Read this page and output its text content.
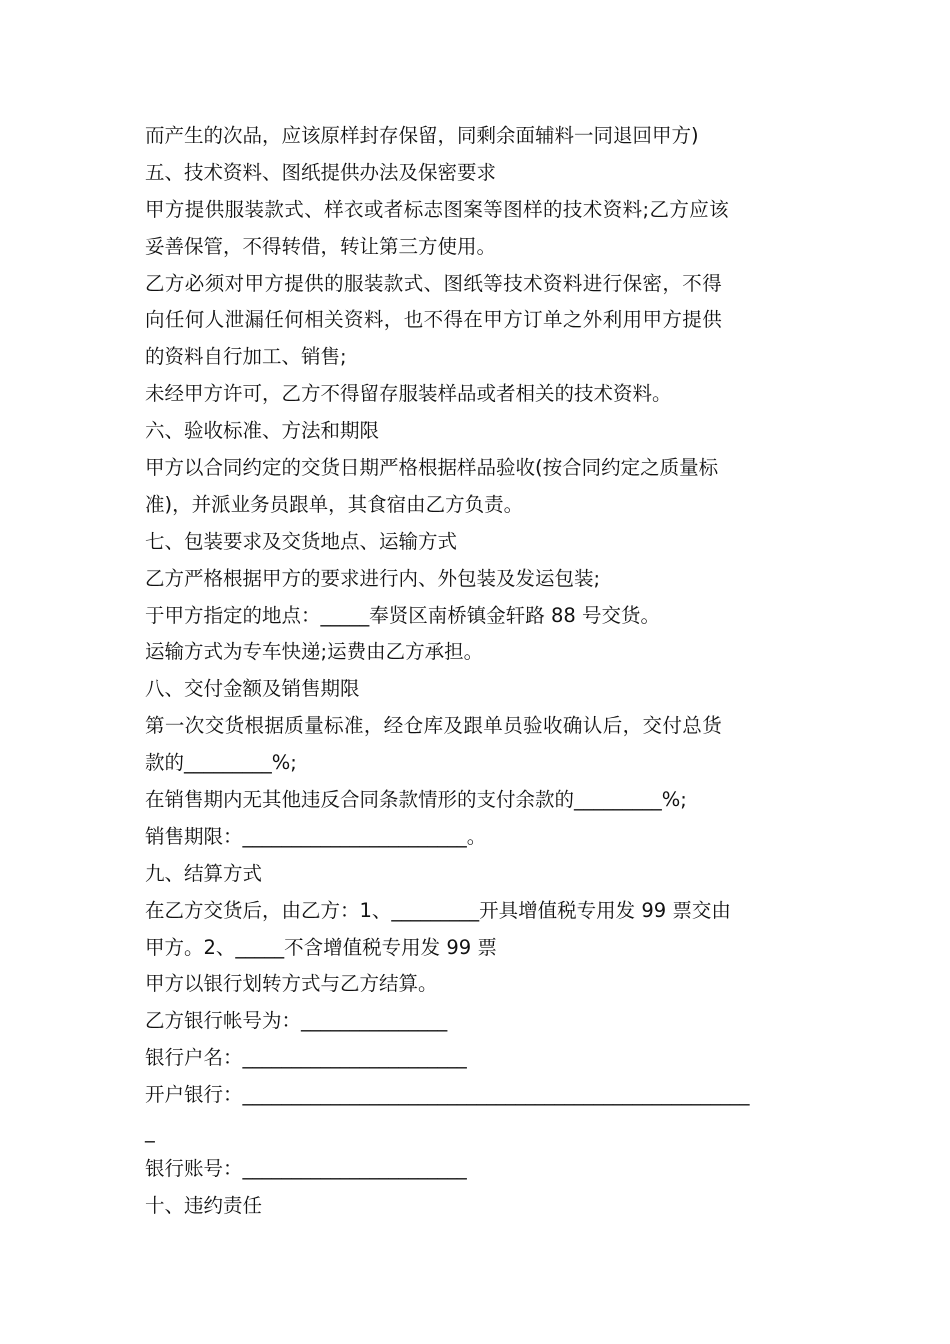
而产生的次品，应该原样封存保留，同剩余面辅料一同退回甲方)
五、技术资料、图纸提供办法及保密要求
甲方提供服装款式、样衣或者标志图案等图样的技术资料;乙方应该
妥善保管，不得转借，转让第三方使用。
乙方必须对甲方提供的服装款式、图纸等技术资料进行保密，不得
向任何人泄漏任何相关资料，也不得在甲方订单之外利用甲方提供
的资料自行加工、销售;
未经甲方许可，乙方不得留存服装样品或者相关的技术资料。
六、验收标准、方法和期限
甲方以合同约定的交货日期严格根据样品验收(按合同约定之质量标
准)，并派业务员跟单，其食宿由乙方负责。
七、包装要求及交货地点、运输方式
乙方严格根据甲方的要求进行内、外包装及发运包装;
于甲方指定的地点：_____奉贤区南桥镇金轩路 88 号交货。
运输方式为专车快递;运费由乙方承担。
八、交付金额及销售期限
第一次交货根据质量标准，经仓库及跟单员验收确认后，交付总货
款的_________%;
在销售期内无其他违反合同条款情形的支付余款的_________%;
销售期限：_______________________。
九、结算方式
在乙方交货后，由乙方：1、_________开具增值税专用发 99 票交由
甲方。2、_____不含增值税专用发 99 票
甲方以银行划转方式与乙方结算。
乙方银行帐号为：_______________
银行户名：_______________________
开户银行：____________________________________________________
_
银行账号：_______________________
十、违约责任
